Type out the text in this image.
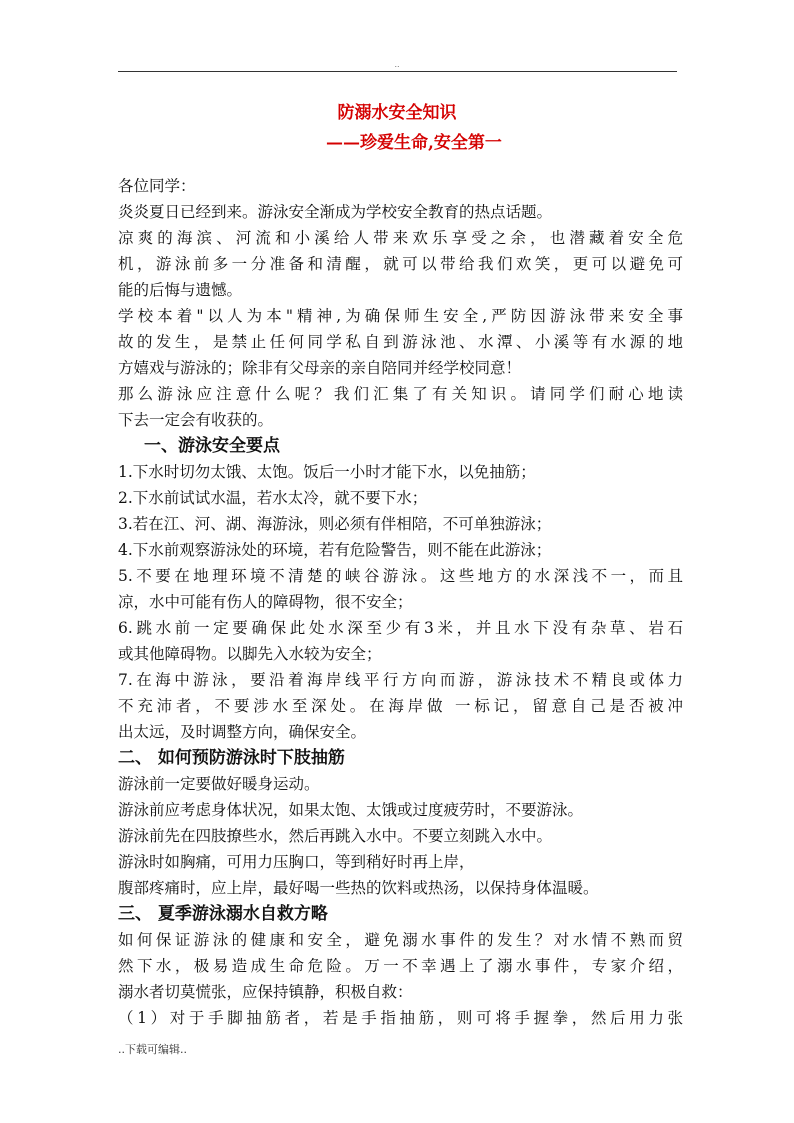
..
防溺水安全知识
——珍爱生命,安全第一
各位同学：
炎炎夏日已经到来。游泳安全渐成为学校安全教育的热点话题。
凉爽的海滨、河流和小溪给人带来欢乐享受之余，也潜藏着安全危
机，游泳前多一分准备和清醒，就可以带给我们欢笑，更可以避免可
能的后悔与遗憾。
学校本着"以人为本"精神,为确保师生安全,严防因游泳带来安全事
故的发生，是禁止任何同学私自到游泳池、水潭、小溪等有水源的地
方嬉戏与游泳的；除非有父母亲的亲自陪同并经学校同意！
那么游泳应注意什么呢？我们汇集了有关知识。请同学们耐心地读
下去一定会有收获的。
一、游泳安全要点
1.下水时切勿太饿、太饱。饭后一小时才能下水，以免抽筋；
2.下水前试试水温，若水太冷，就不要下水；
3.若在江、河、湖、海游泳，则必须有伴相陪，不可单独游泳；
4.下水前观察游泳处的环境，若有危险警告，则不能在此游泳；
5.不要在地理环境不清楚的峡谷游泳。这些地方的水深浅不一，而且
凉，水中可能有伤人的障碍物，很不安全；
6.跳水前一定要确保此处水深至少有3米，并且水下没有杂草、岩石
或其他障碍物。以脚先入水较为安全；
7.在海中游泳，要沿着海岸线平行方向而游，游泳技术不精良或体力
不充沛者，不要涉水至深处。在海岸做 一标记，留意自己是否被冲
出太远，及时调整方向，确保安全。
二、 如何预防游泳时下肢抽筋
游泳前一定要做好暖身运动。
游泳前应考虑身体状况，如果太饱、太饿或过度疲劳时，不要游泳。
游泳前先在四肢撩些水，然后再跳入水中。不要立刻跳入水中。
游泳时如胸痛，可用力压胸口，等到稍好时再上岸，
腹部疼痛时，应上岸，最好喝一些热的饮料或热汤，以保持身体温暖。
三、 夏季游泳溺水自救方略
如何保证游泳的健康和安全，避免溺水事件的发生？对水情不熟而贸
然下水，极易造成生命危险。万一不幸遇上了溺水事件，专家介绍，
溺水者切莫慌张，应保持镇静，积极自救：
（1）对于手脚抽筋者，若是手指抽筋，则可将手握拳，然后用力张
..下载可编辑..
